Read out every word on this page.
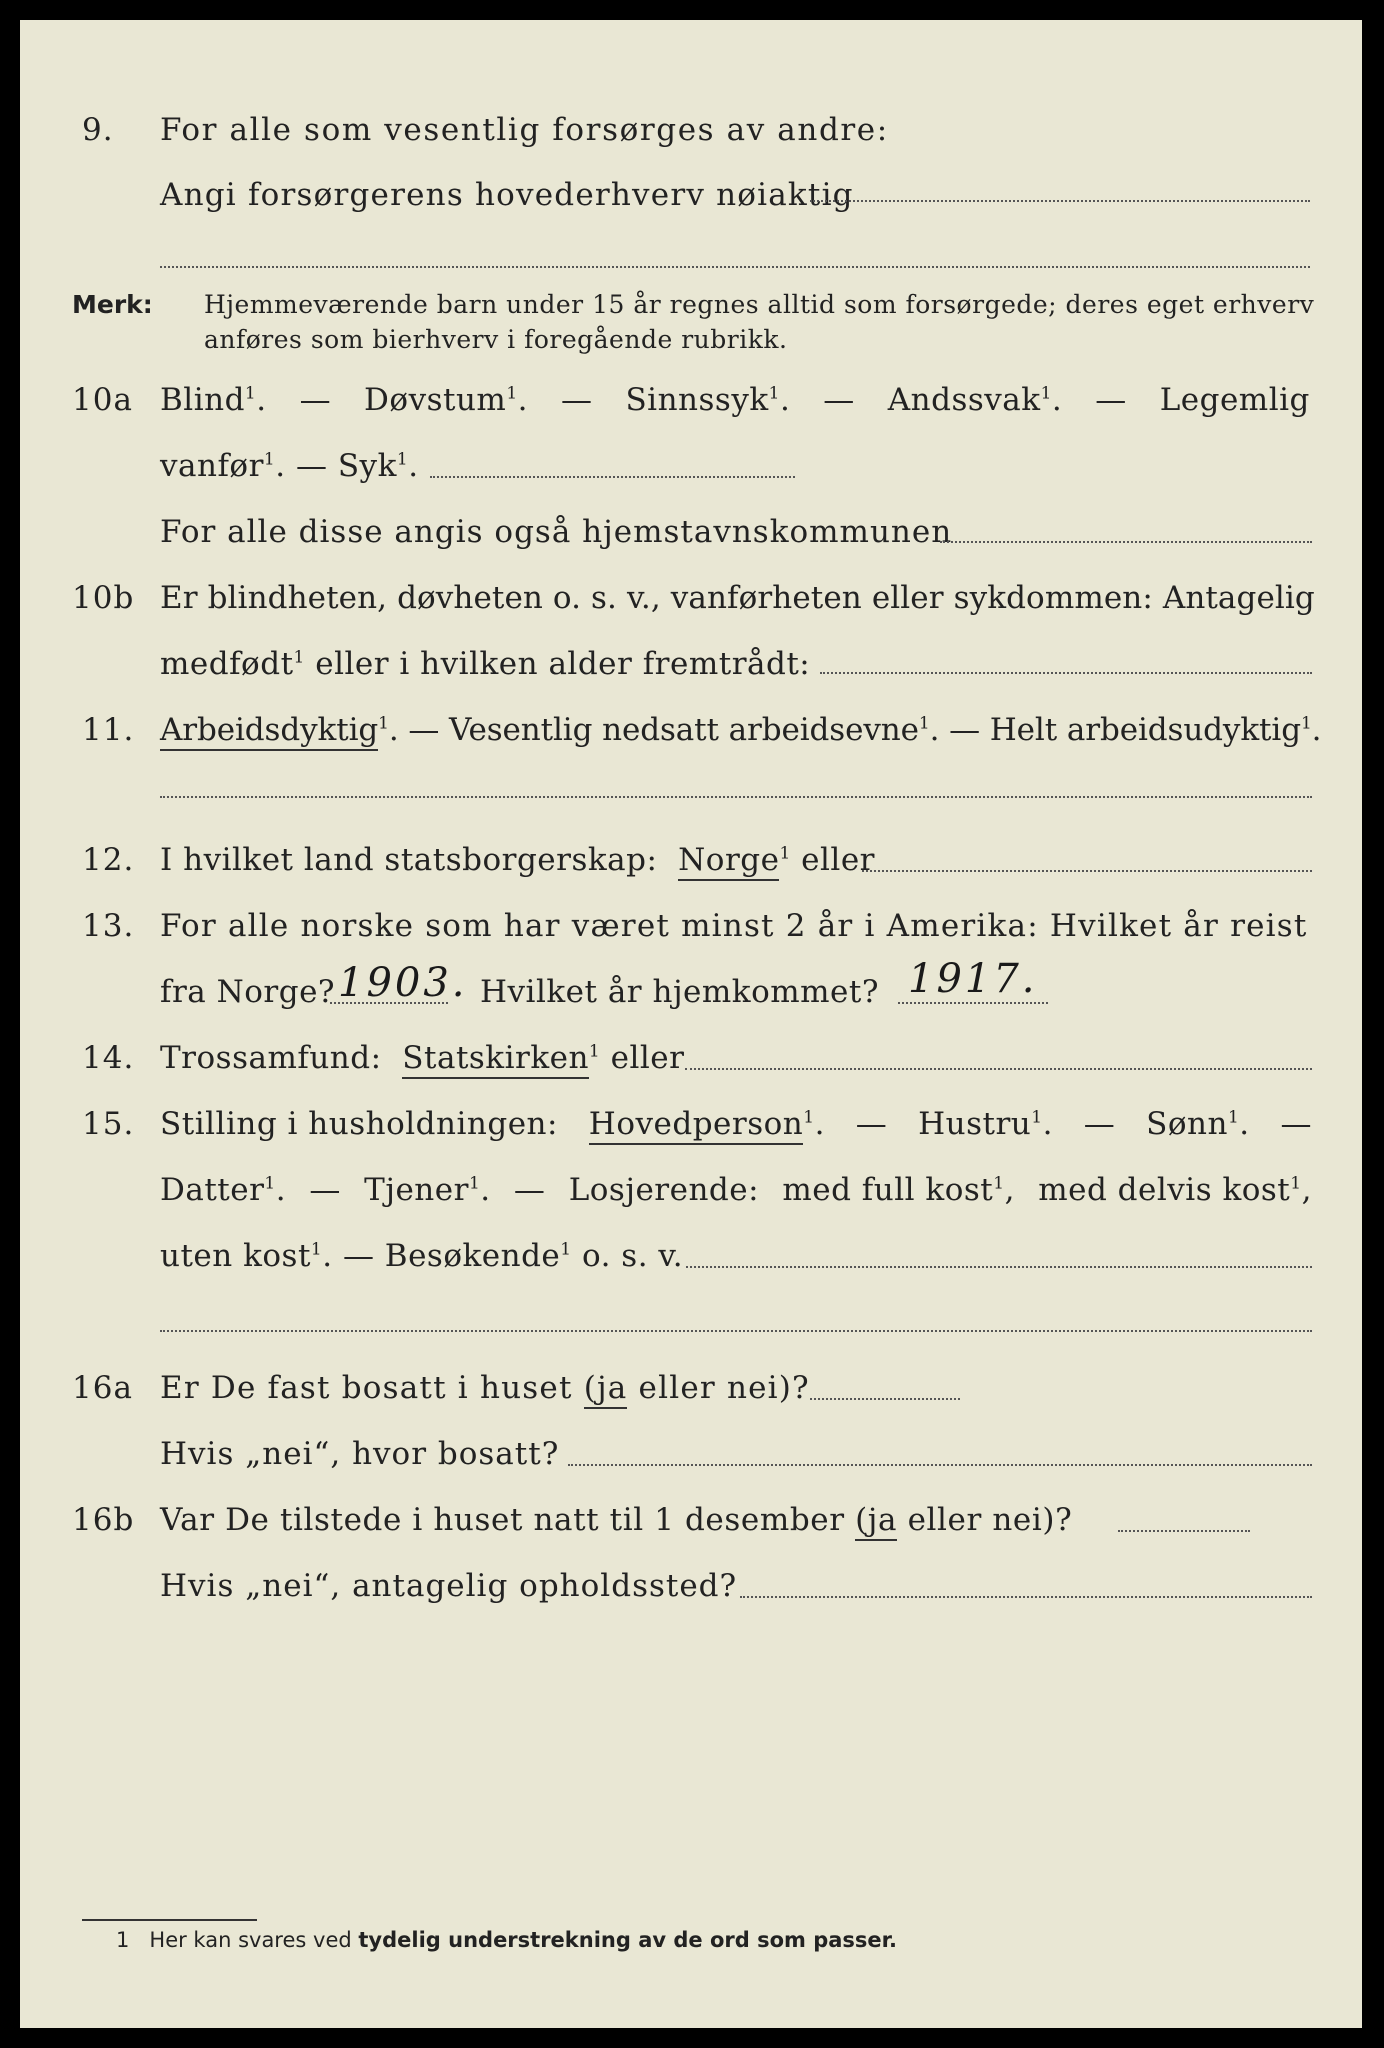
9. For alle som vesentlig forsørges av andre:
Angi forsørgerens hovederhverv nøiaktig
Merk: Hjemmeværende barn under 15 år regnes alltid som forsørgede; deres eget erhverv
anføres som bierhverv i foregående rubrikk.
10a Blind$^1$. — Døvstum$^1$. — Sinnssyk$^1$. — Andssvak$^1$. — Legemlig
vanfør$^1$. — Syk$^1$.
For alle disse angis også hjemstavnskommunen
10b Er blindheten, døvheten o. s. v., vanførheten eller sykdommen: Antagelig
medfødt$^1$ eller i hvilken alder fremtrådt:
11. Arbeidsdyktig$^1$. — Vesentlig nedsatt arbeidsevne$^1$. — Helt arbeidsudyktig$^1$.
12. I hvilket land statsborgerskap: Norge$^1$ eller
13. For alle norske som har været minst 2 år i Amerika: Hvilket år reist
fra Norge? 1903. Hvilket år hjemkommet? 1917.
14. Trossamfund: Statskirken$^1$ eller
15. Stilling i husholdningen: Hovedperson$^1$. — Hustru$^1$. — Sønn$^1$. —
Datter$^1$. — Tjener$^1$. — Losjerende: med full kost$^1$, med delvis kost$^1$,
uten kost$^1$. — Besøkende$^1$ o. s. v.
16a Er De fast bosatt i huset (ja eller nei)?
Hvis „nei“, hvor bosatt?
16b Var De tilstede i huset natt til 1 desember (ja eller nei)?
Hvis „nei“, antagelig opholdssted?
1 Her kan svares ved tydelig understrekning av de ord som passer.
